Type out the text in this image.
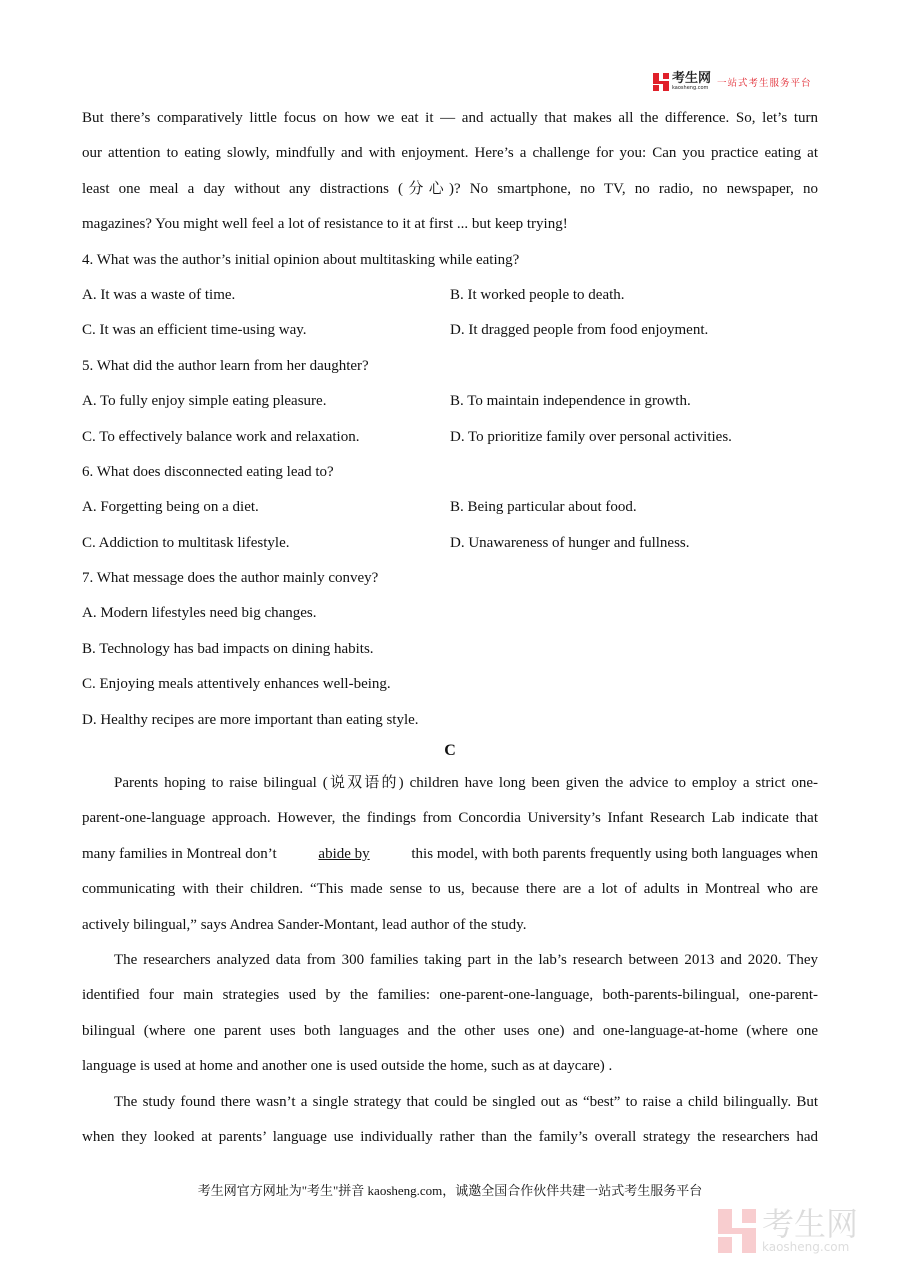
考生网
kaosheng.com 一站式考生服务平台
But there’s comparatively little focus on how we eat it — and actually that makes all the difference. So, let’s turn
our attention to eating slowly, mindfully and with enjoyment. Here’s a challenge for you: Can you practice eating at
least one meal a day without any distractions (分心)? No smartphone, no TV, no radio, no newspaper, no
magazines? You might well feel a lot of resistance to it at first ... but keep trying!
4. What was the author’s initial opinion about multitasking while eating?
A. It was a waste of time.	B. It worked people to death.
C. It was an efficient time-using way.	D. It dragged people from food enjoyment.
5. What did the author learn from her daughter?
A. To fully enjoy simple eating pleasure.	B. To maintain independence in growth.
C. To effectively balance work and relaxation.	D. To prioritize family over personal activities.
6. What does disconnected eating lead to?
A. Forgetting being on a diet.	B. Being particular about food.
C. Addiction to multitask lifestyle.	D. Unawareness of hunger and fullness.
7. What message does the author mainly convey?
A. Modern lifestyles need big changes.
B. Technology has bad impacts on dining habits.
C. Enjoying meals attentively enhances well-being.
D. Healthy recipes are more important than eating style.
C
Parents hoping to raise bilingual (说双语的) children have long been given the advice to employ a strict one-
parent-one-language approach. However, the findings from Concordia University’s Infant Research Lab indicate that
many families in Montreal don’t	abide by	this model, with both parents frequently using both languages when
communicating with their children. “This made sense to us, because there are a lot of adults in Montreal who are
actively bilingual,” says Andrea Sander-Montant, lead author of the study.
The researchers analyzed data from 300 families taking part in the lab’s research between 2013 and 2020. They
identified four main strategies used by the families: one-parent-one-language, both-parents-bilingual, one-parent-
bilingual (where one parent uses both languages and the other uses one) and one-language-at-home (where one
language is used at home and another one is used outside the home, such as at daycare) .
The study found there wasn’t a single strategy that could be singled out as “best” to raise a child bilingually. But
when they looked at parents’ language use individually rather than the family’s overall strategy the researchers had
考生网官方网址为"考生"拼音 kaosheng.com，诚邀全国合作伙伴共建一站式考生服务平台
考生网
kaosheng.com
